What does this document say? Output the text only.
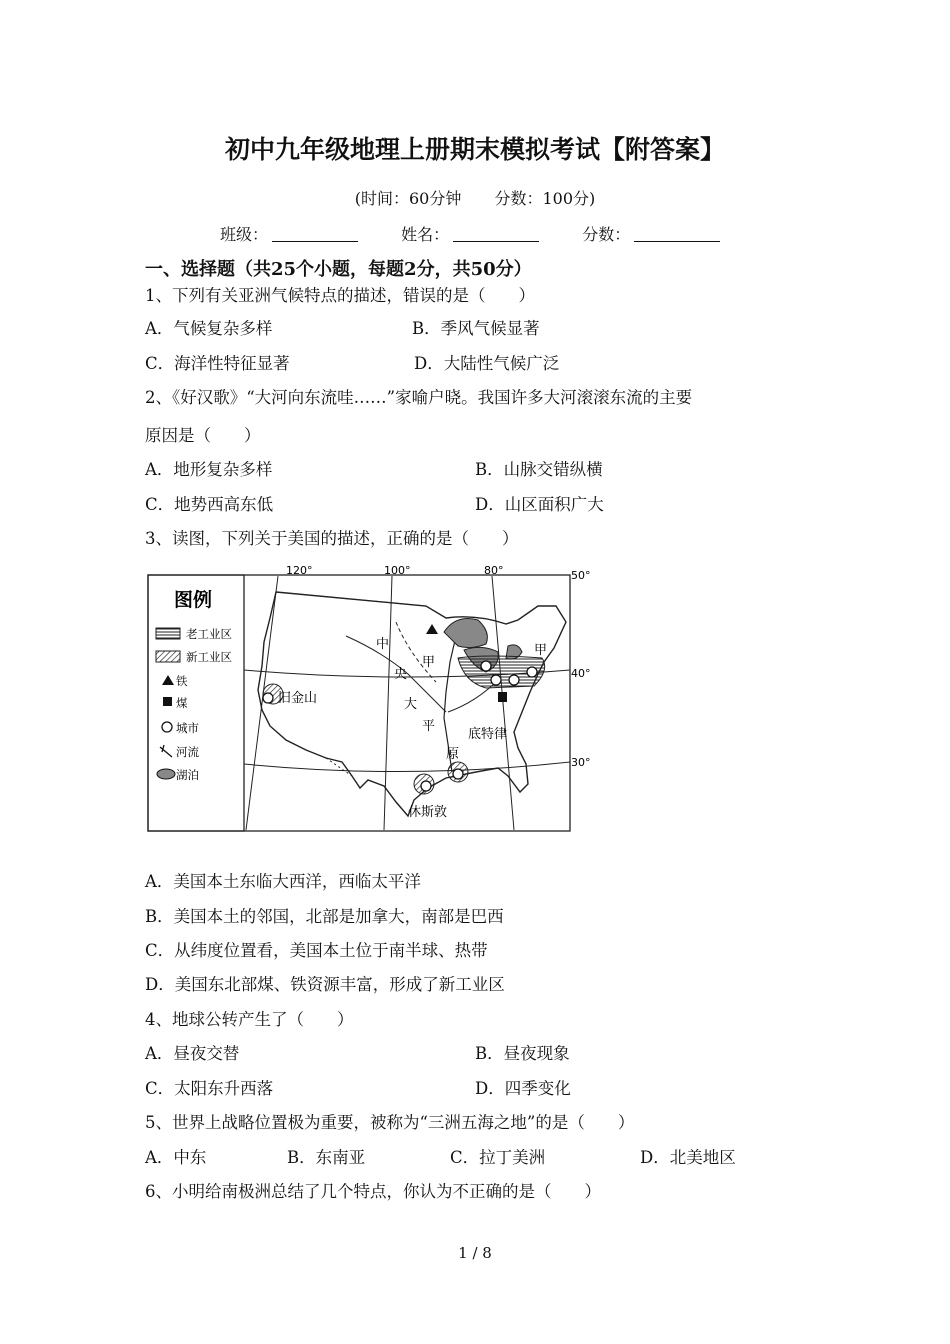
初中九年级地理上册期末模拟考试【附答案】
(时间：60分钟 分数：100分)
班级：	姓名：	分数：
一、选择题（共25个小题，每题2分，共50分）
1、下列有关亚洲气候特点的描述，错误的是（　　）
A．气候复杂多样	B．季风气候显著
C．海洋性特征显著	D．大陆性气候广泛
2、《好汉歌》“大河向东流哇……”家喻户晓。我国许多大河滚滚东流的主要
原因是（　　）
A．地形复杂多样	B．山脉交错纵横
C．地势西高东低	D．山区面积广大
3、读图，下列关于美国的描述，正确的是（　　）
图例
老工业区
新工业区
铁
煤
城市
河流
湖泊
120°	100°	80°	50°
40°
30°
中
央
大
平
原
旧金山
底特律
休斯敦
甲
甲
A．美国本土东临大西洋，西临太平洋
B．美国本土的邻国，北部是加拿大，南部是巴西
C．从纬度位置看，美国本土位于南半球、热带
D．美国东北部煤、铁资源丰富，形成了新工业区
4、地球公转产生了（　　）
A．昼夜交替	B．昼夜现象
C．太阳东升西落	D．四季变化
5、世界上战略位置极为重要，被称为“三洲五海之地”的是（　　）
A．中东	B．东南亚	C．拉丁美洲	D．北美地区
6、小明给南极洲总结了几个特点，你认为不正确的是（　　）
1 / 8
